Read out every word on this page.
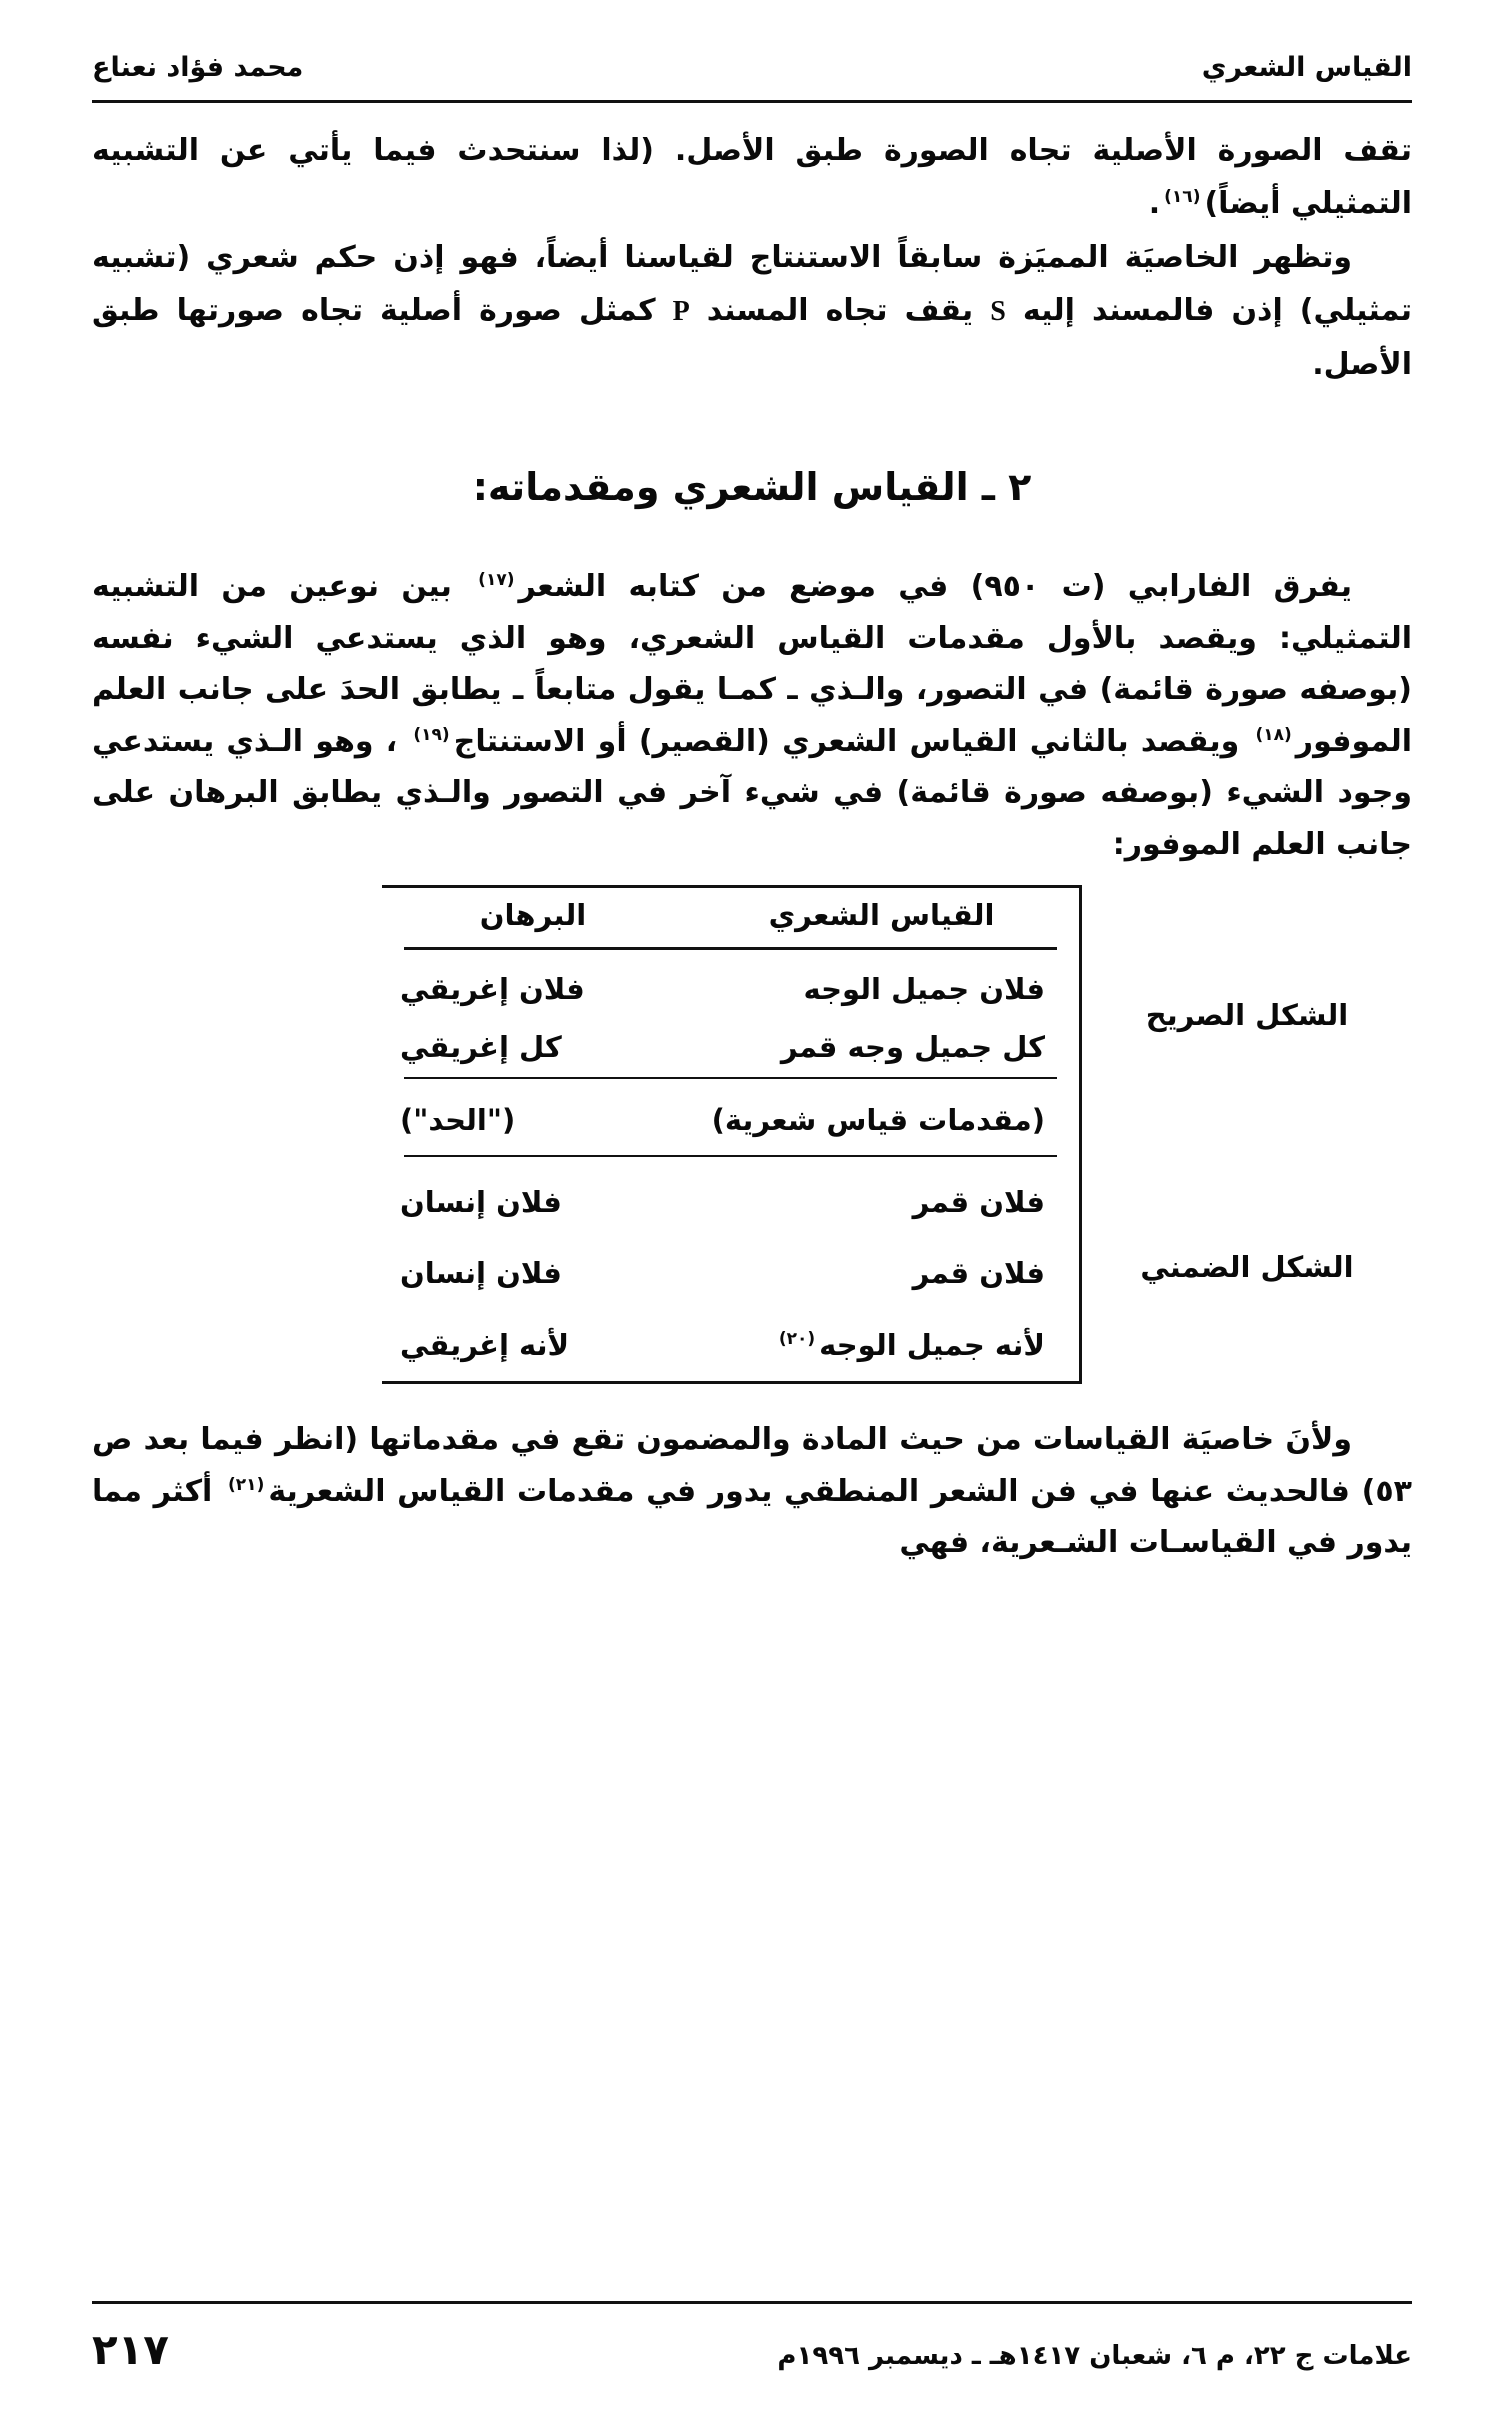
القياس الشعري
محمد فؤاد نعناع

تقف الصورة الأصلية تجاه الصورة طبق الأصل. (لذا سنتحدث فيما يأتي عن التشبيه التمثيلي أيضاً)$^{(١٦)}$.

وتظهر الخاصيَة المميَزة سابقاً الاستنتاج لقياسنا أيضاً، فهو إذن حكم شعري (تشبيه تمثيلي) إذن فالمسند إليه S يقف تجاه المسند P كمثل صورة أصلية تجاه صورتها طبق الأصل.

٢ ـ القياس الشعري ومقدماته:

يفرق الفارابي (ت ٩٥٠) في موضع من كتابه الشعر$^{(١٧)}$ بين نوعين من التشبيه التمثيلي: ويقصد بالأول مقدمات القياس الشعري، وهو الذي يستدعي الشيء نفسه (بوصفه صورة قائمة) في التصور، والـذي ـ كمـا يقول متابعاً ـ يطابق الحدَ على جانب العلم الموفور$^{(١٨)}$ ويقصد بالثاني القياس الشعري (القصير) أو الاستنتاج$^{(١٩)}$ ، وهو الـذي يستدعي وجود الشيء (بوصفه صورة قائمة) في شيء آخر في التصور والـذي يطابق البرهان على جانب العلم الموفور:

الشكل الصريح
الشكل الضمني
القياس الشعري
البرهان
فلان جميل الوجه
فلان إغريقي
كل جميل وجه قمر
كل إغريقي
(مقدمات قياس شعرية)
("الحد")
فلان قمر
فلان إنسان
فلان قمر
فلان إنسان
لأنه جميل الوجه$^{(٢٠)}$
لأنه إغريقي

ولأنَ خاصيَة القياسات من حيث المادة والمضمون تقع في مقدماتها (انظر فيما بعد ص ٥٣) فالحديث عنها في فن الشعر المنطقي يدور في مقدمات القياس الشعرية$^{(٢١)}$ أكثر مما يدور في القياسـات الشـعرية، فهي

علامات ج ٢٢، م ٦، شعبان ١٤١٧هـ ـ ديسمبر ١٩٩٦م
٢١٧
